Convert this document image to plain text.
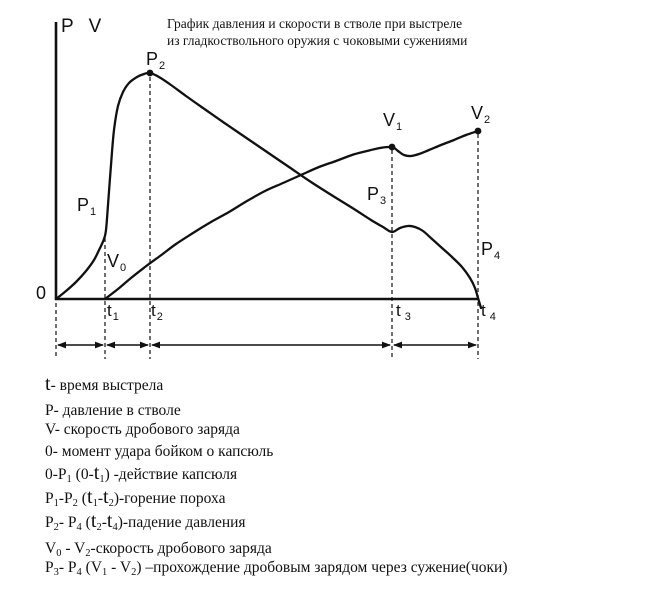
График давления и скорости в стволе при выстреле
из гладкоствольного оружия с чоковыми сужениями
P V
0
$P_1$
$P_2$
$P_3$
$P_4$
$V_0$
$V_1$
$V_2$
$t_1$ $t_2$	t $_3$	t $_4$
t- время выстрела
P- давление в стволе
V- скорость дробового заряда
0- момент удара бойком о капсюль
$0-P_1$ $(0-t_1)$ -действие капсюля
$P_1-P_2$ $(t_1-t_2)$-горение пороха
$P_2-$ $P_4$ $(t_2-t_4)$-падение давления
$V_0$ - $V_2$-скорость дробового заряда
$P_3-$ $P_4$ $(V_1 - V_2)$ –прохождение дробовым зарядом через сужение(чоки)
